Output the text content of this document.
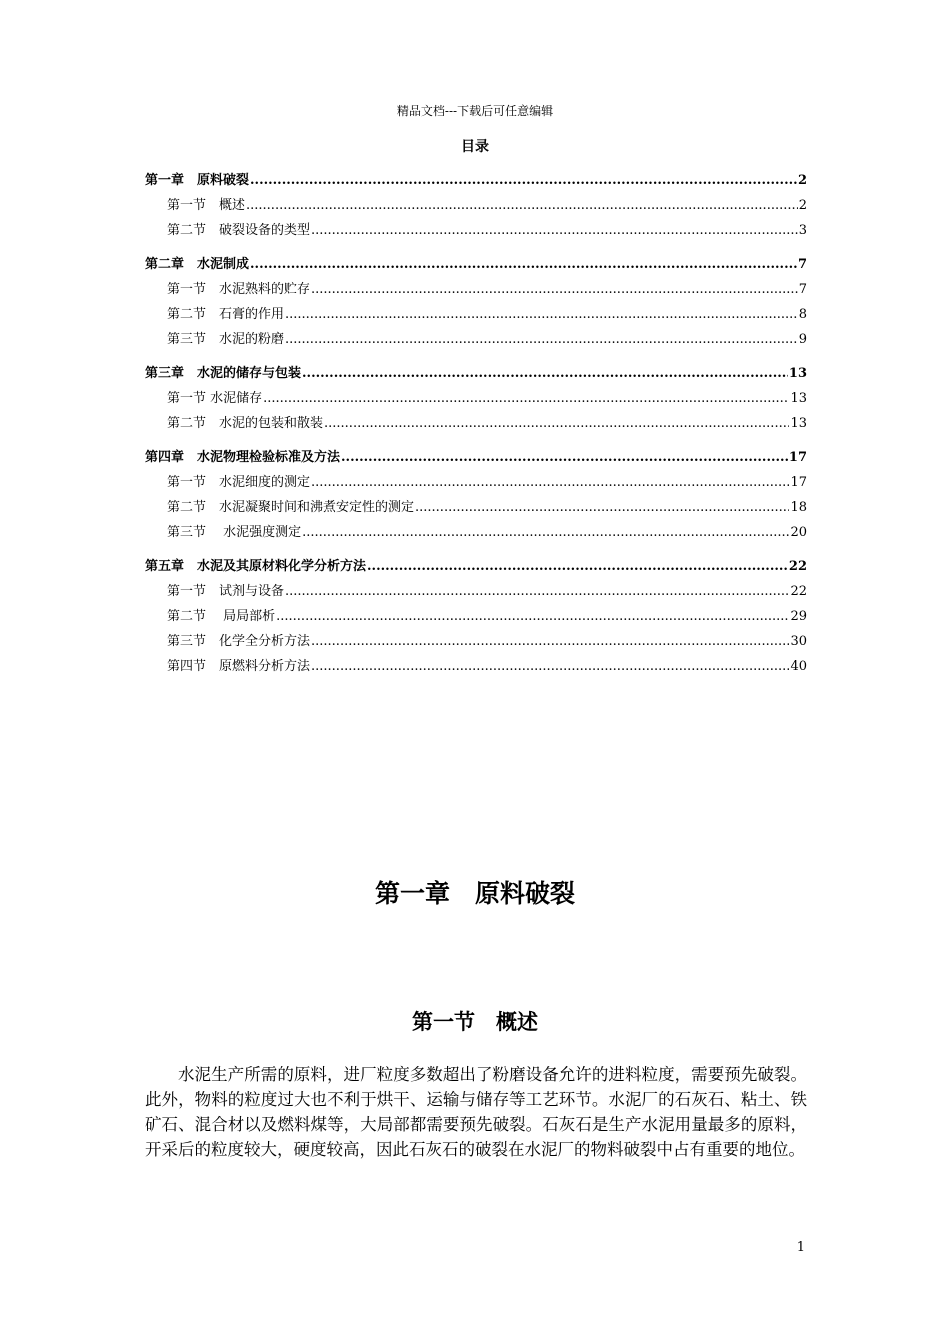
精品文档---下载后可任意编辑
目录
第一章　原料破裂 .....	2
第一节　概述 .....	2
第二节　破裂设备的类型 .....	3
第二章　水泥制成 .....	7
第一节　水泥熟料的贮存 .....	7
第二节　石膏的作用 .....	8
第三节　水泥的粉磨 .....	9
第三章　水泥的储存与包装 .....	13
第一节 水泥储存 .....	13
第二节　水泥的包装和散装 .....	13
第四章　水泥物理检验标准及方法 .....	17
第一节　水泥细度的测定 .....	17
第二节　水泥凝聚时间和沸煮安定性的测定 .....	18
第三节　 水泥强度测定 .....	20
第五章　水泥及其原材料化学分析方法 .....	22
第一节　试剂与设备 .....	22
第二节　 局局部析 .....	29
第三节　化学全分析方法 .....	30
第四节　原燃料分析方法 .....	40
第一章　原料破裂
第一节　概述
水泥生产所需的原料，进厂粒度多数超出了粉磨设备允许的进料粒度，需要预先破裂。此外，物料的粒度过大也不利于烘干、运输与储存等工艺环节。水泥厂的石灰石、粘土、铁矿石、混合材以及燃料煤等，大局部都需要预先破裂。石灰石是生产水泥用量最多的原料，开采后的粒度较大，硬度较高，因此石灰石的破裂在水泥厂的物料破裂中占有重要的地位。
1
